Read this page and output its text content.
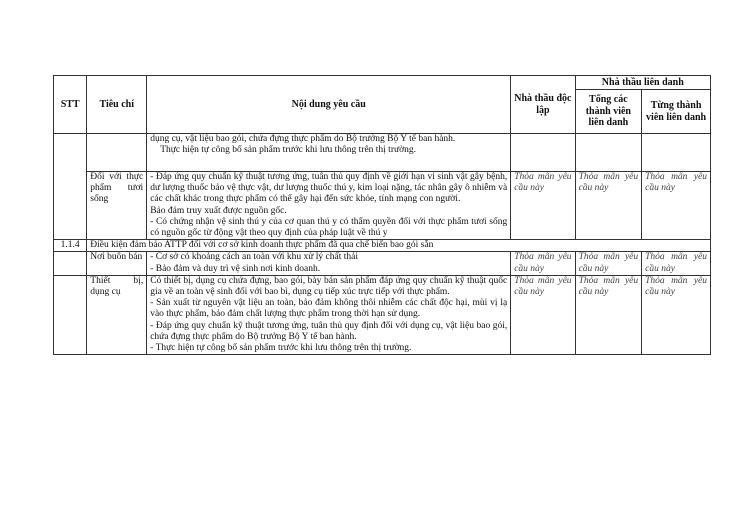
STT	Tiêu chí	Nội dung yêu cầu	Nhà thầu độc lập	Nhà thầu liên danh	
				Tổng các thành viên liên danh	Từng thành viên liên danh

		dụng cụ, vật liệu bao gói, chứa đựng thực phẩm do Bộ trưởng Bộ Y tế ban hành.

Thực hiện tự công bố sản phẩm trước khi lưu thông trên thị trường.			

	Đối với thực phẩm tươi sống	- Đáp ứng quy chuẩn kỹ thuật tương ứng, tuân thủ quy định về giới hạn vi sinh vật gây bệnh, dư lượng thuốc bảo vệ thực vật, dư lượng thuốc thú y, kim loại nặng, tác nhân gây ô nhiễm và các chất khác trong thực phẩm có thể gây hại đến sức khỏe, tính mạng con người.

Bảo đảm truy xuất được nguồn gốc.

- Có chứng nhận vệ sinh thú y của cơ quan thú y có thẩm quyền đối với thực phẩm tươi sống có nguồn gốc từ động vật theo quy định của pháp luật về thú y	Thỏa mãn yêu cầu này	Thỏa mãn yêu cầu này	Thỏa mãn yêu cầu này
1.1.4	Điều kiện đảm bảo ATTP đối với cơ sở kinh doanh thực phẩm đã qua chế biến bao gói sẵn				
	Nơi buôn bán	- Cơ sở có khoảng cách an toàn với khu xử lý chất thải

- Bảo đảm và duy trì vệ sinh nơi kinh doanh.	Thỏa mãn yêu cầu này	Thỏa mãn yêu cầu này	Thỏa mãn yêu cầu này
	Thiết bị, dụng cụ	Có thiết bị, dụng cụ chứa đựng, bao gói, bày bán sản phẩm đáp ứng quy chuẩn kỹ thuật quốc gia về an toàn vệ sinh đối với bao bì, dụng cụ tiếp xúc trực tiếp với thực phẩm.

- Sản xuất từ nguyên vật liệu an toàn, bảo đảm không thôi nhiễm các chất độc hại, mùi vị lạ vào thực phẩm, bảo đảm chất lượng thực phẩm trong thời hạn sử dụng.

- Đáp ứng quy chuẩn kỹ thuật tương ứng, tuân thủ quy định đối với dụng cụ, vật liệu bao gói, chứa đựng thực phẩm do Bộ trưởng Bộ Y tế ban hành.

- Thực hiện tự công bố sản phẩm trước khi lưu thông trên thị trường.	Thỏa mãn yêu cầu này	Thỏa mãn yêu cầu này	Thỏa mãn yêu cầu này
